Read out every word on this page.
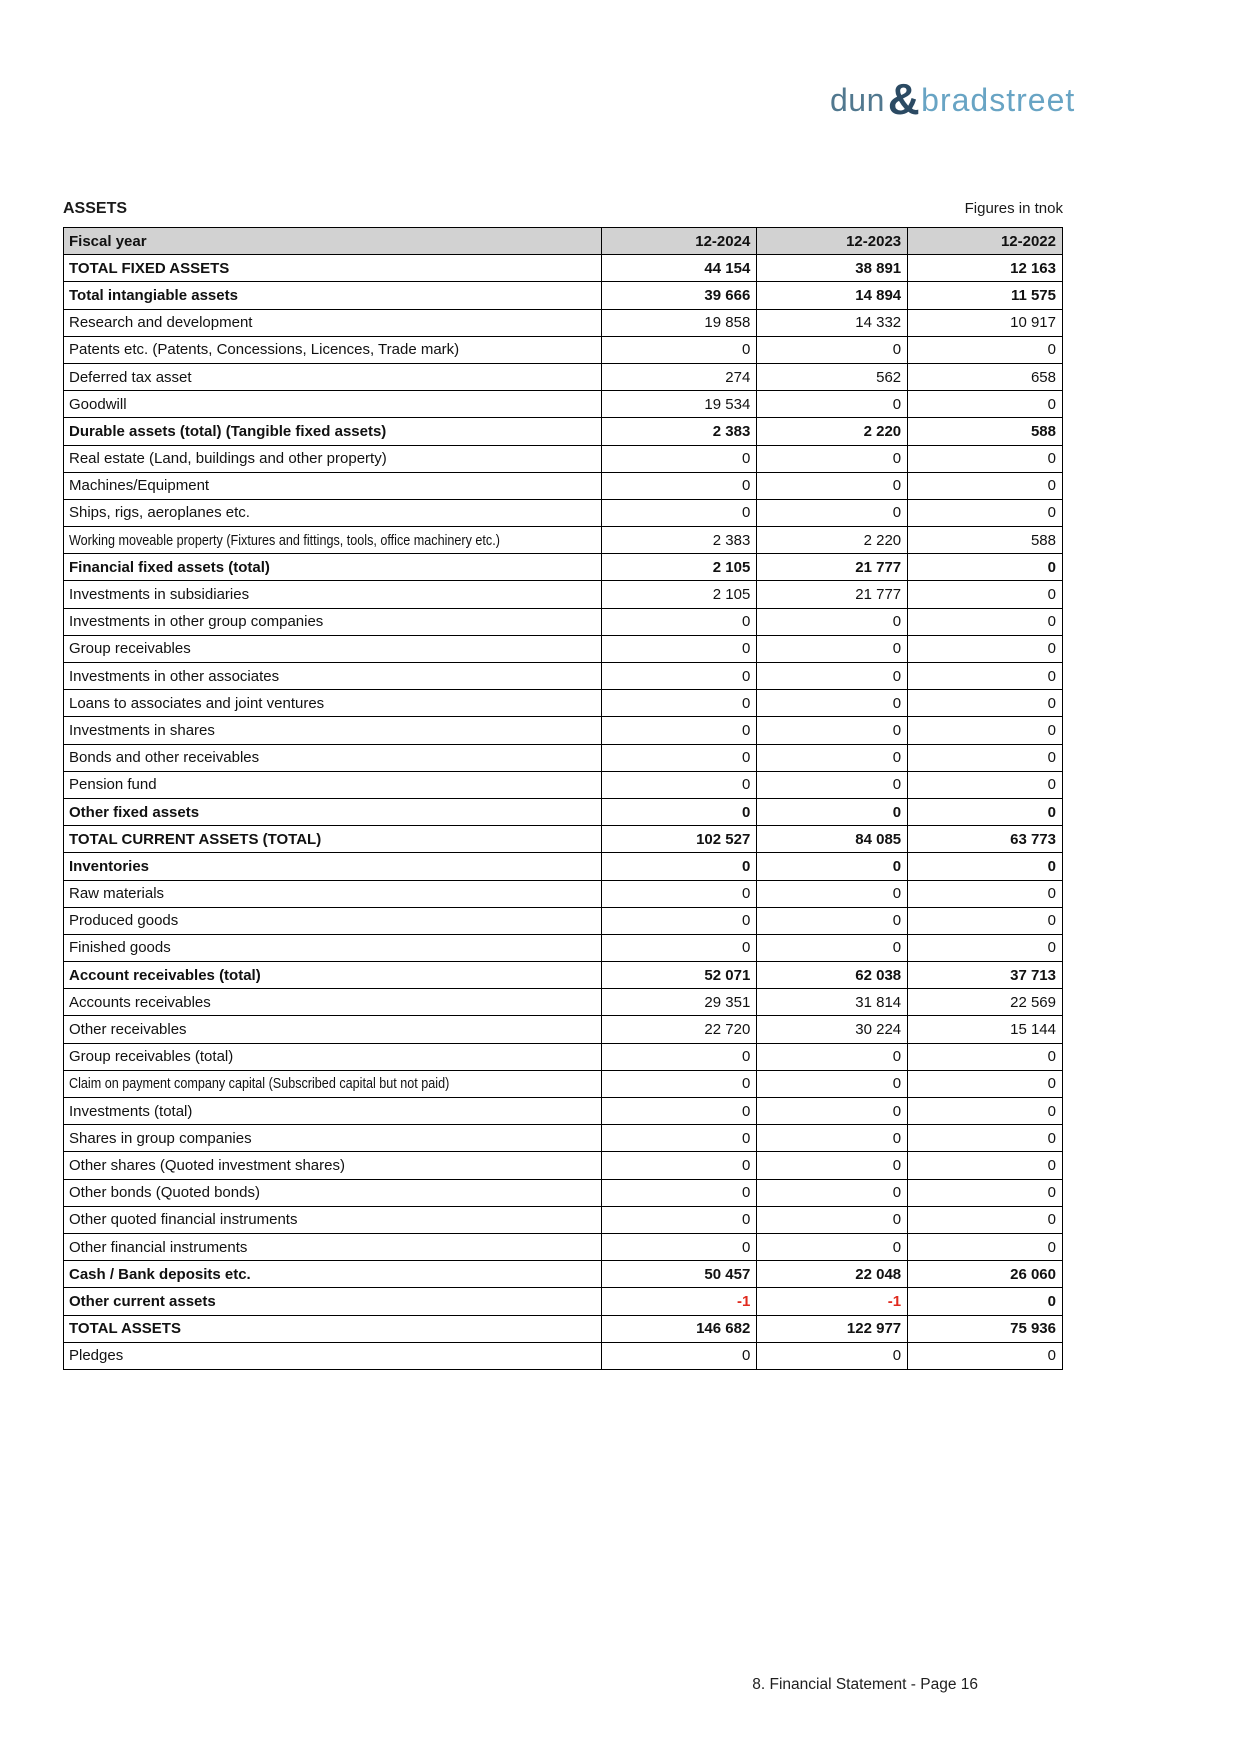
dun & bradstreet
ASSETS	Figures in tnok
Fiscal year	12-2024	12-2023	12-2022
TOTAL FIXED ASSETS	44 154	38 891	12 163
Total intangiable assets	39 666	14 894	11 575
Research and development	19 858	14 332	10 917
Patents etc. (Patents, Concessions, Licences, Trade mark)	0	0	0
Deferred tax asset	274	562	658
Goodwill	19 534	0	0
Durable assets (total) (Tangible fixed assets)	2 383	2 220	588
Real estate (Land, buildings and other property)	0	0	0
Machines/Equipment	0	0	0
Ships, rigs, aeroplanes etc.	0	0	0
Working moveable property (Fixtures and fittings, tools, office machinery etc.)	2 383	2 220	588
Financial fixed assets (total)	2 105	21 777	0
Investments in subsidiaries	2 105	21 777	0
Investments in other group companies	0	0	0
Group receivables	0	0	0
Investments in other associates	0	0	0
Loans to associates and joint ventures	0	0	0
Investments in shares	0	0	0
Bonds and other receivables	0	0	0
Pension fund	0	0	0
Other fixed assets	0	0	0
TOTAL CURRENT ASSETS (TOTAL)	102 527	84 085	63 773
Inventories	0	0	0
Raw materials	0	0	0
Produced goods	0	0	0
Finished goods	0	0	0
Account receivables (total)	52 071	62 038	37 713
Accounts receivables	29 351	31 814	22 569
Other receivables	22 720	30 224	15 144
Group receivables (total)	0	0	0
Claim on payment company capital (Subscribed capital but not paid)	0	0	0
Investments (total)	0	0	0
Shares in group companies	0	0	0
Other shares (Quoted investment shares)	0	0	0
Other bonds (Quoted bonds)	0	0	0
Other quoted financial instruments	0	0	0
Other financial instruments	0	0	0
Cash / Bank deposits etc.	50 457	22 048	26 060
Other current assets	-1	-1	0
TOTAL ASSETS	146 682	122 977	75 936
Pledges	0	0	0
8. Financial Statement - Page 16
